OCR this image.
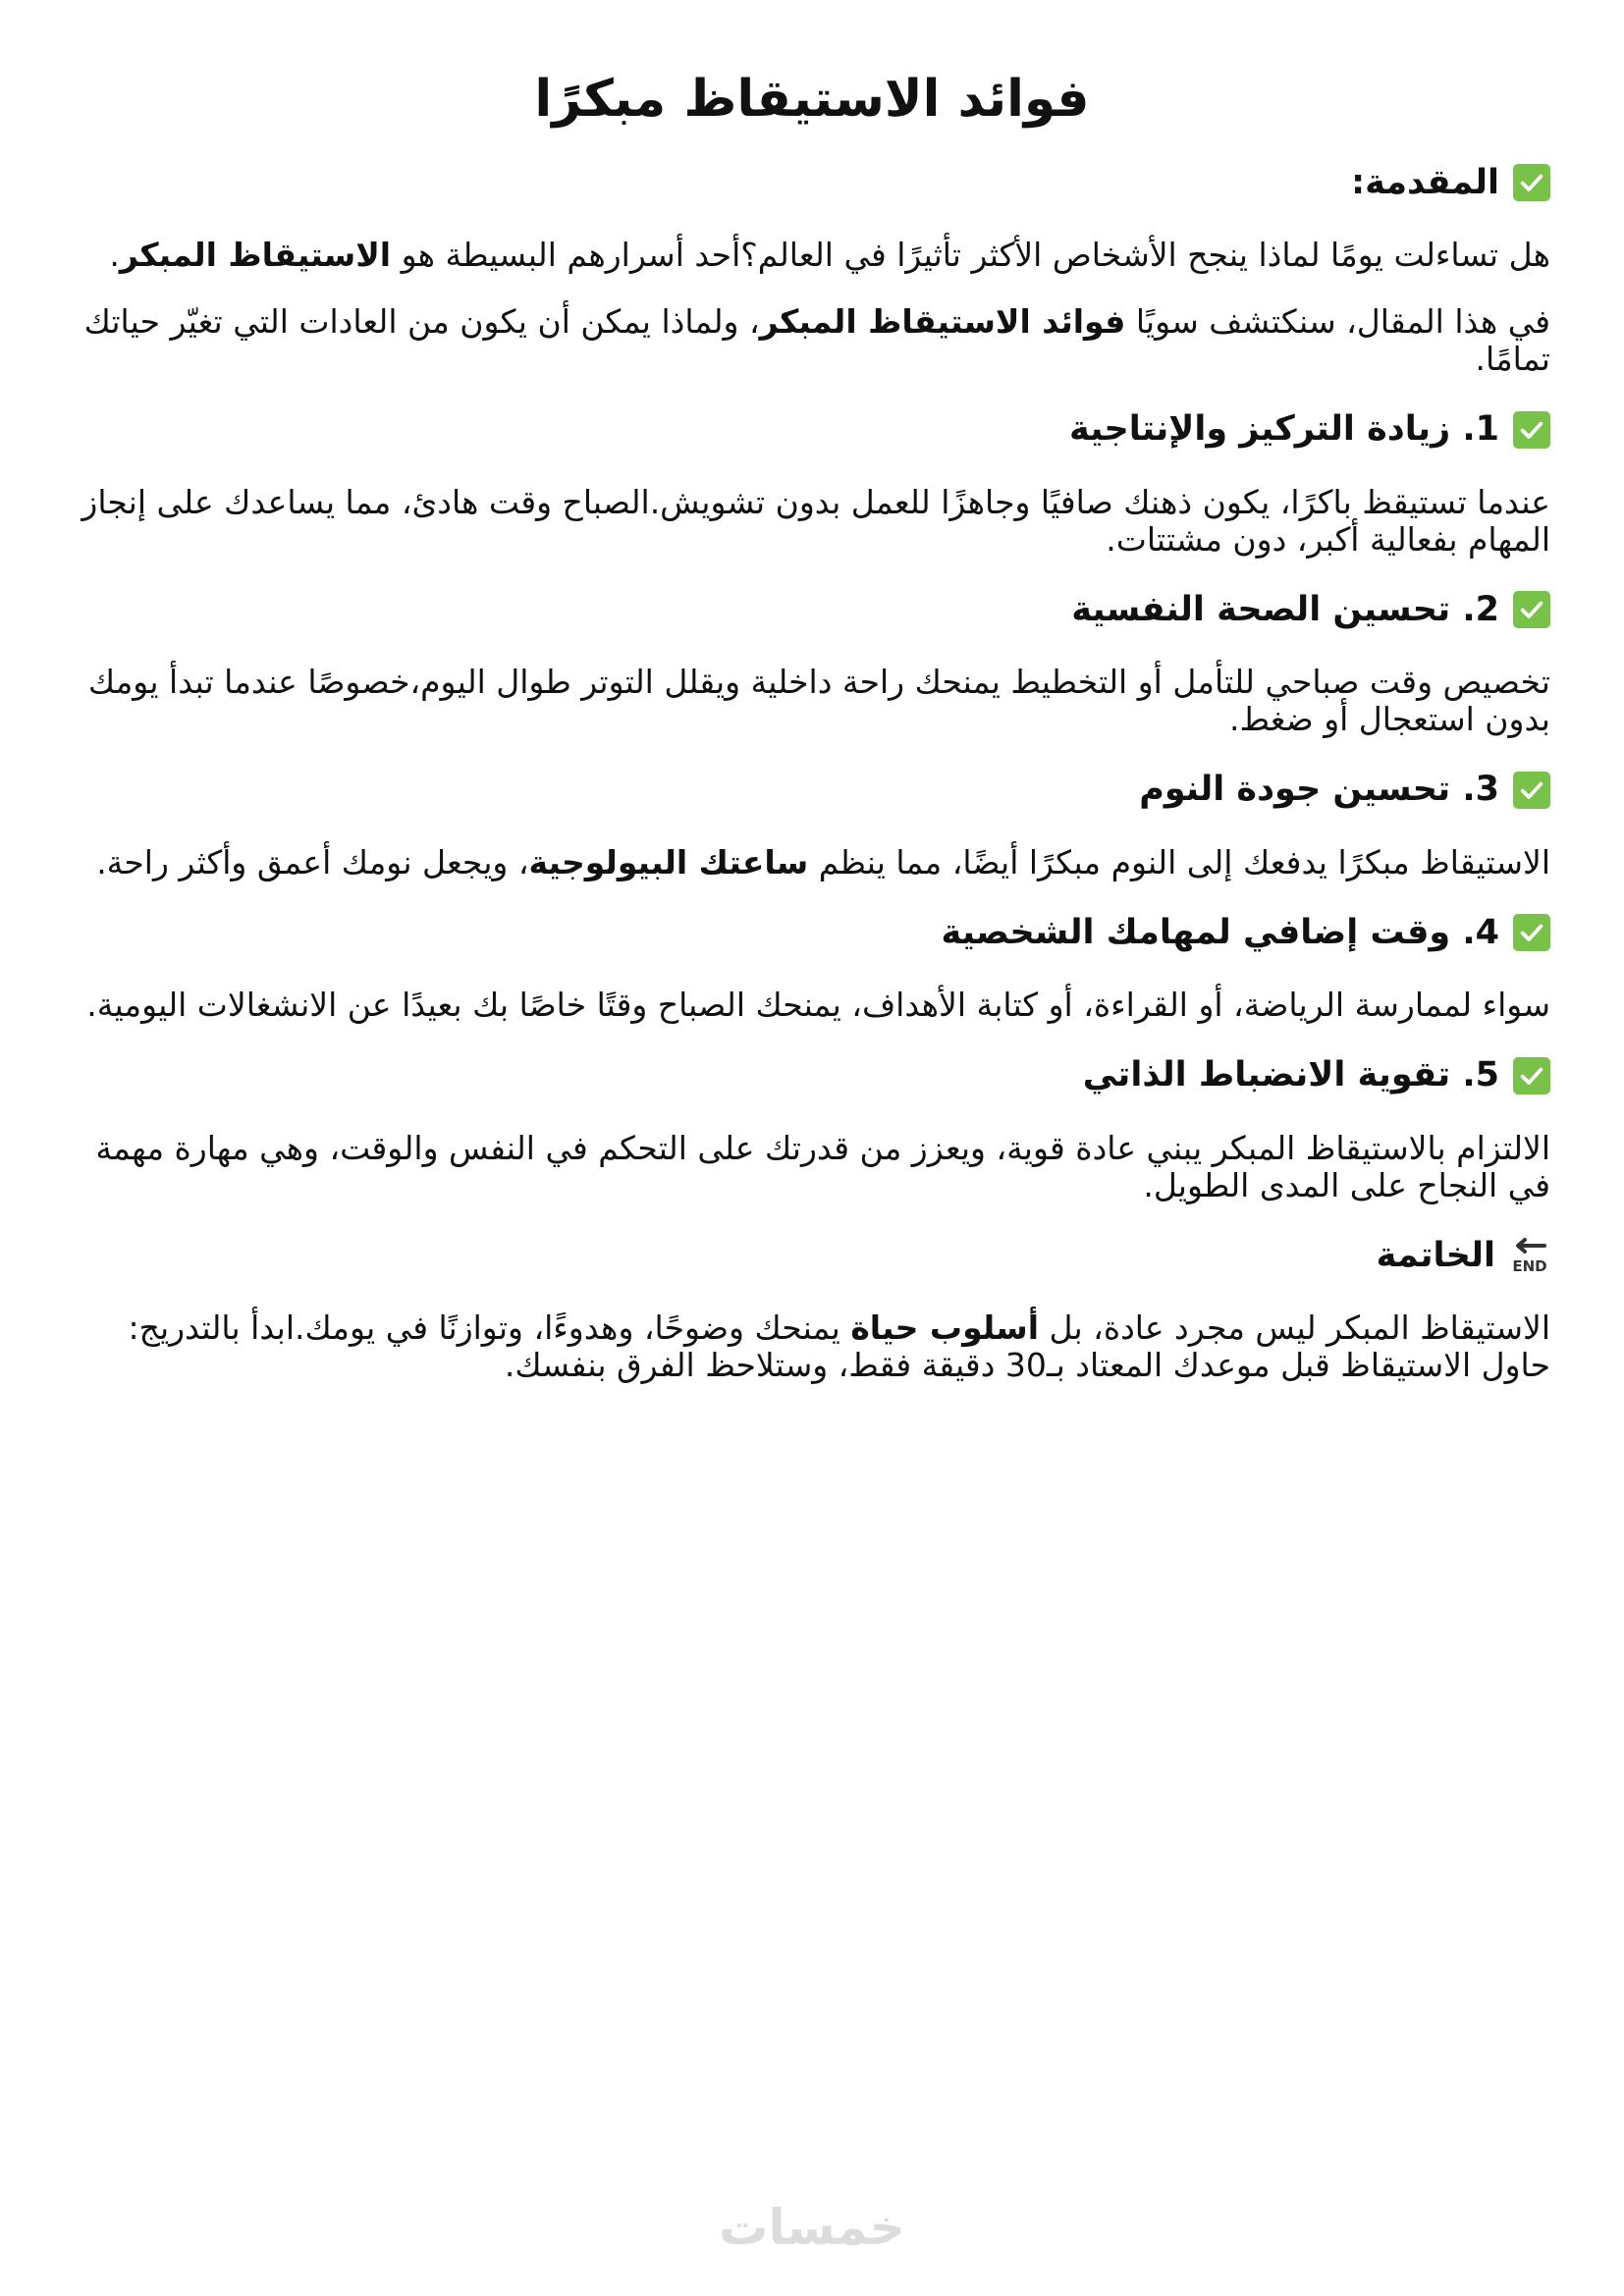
فوائد الاستيقاظ مبكرًا
المقدمة:

هل تساءلت يومًا لماذا ينجح الأشخاص الأكثر تأثيرًا في العالم؟أحد أسرارهم البسيطة هو الاستيقاظ المبكر.

في هذا المقال، سنكتشف سويًا فوائد الاستيقاظ المبكر، ولماذا يمكن أن يكون من العادات التي تغيّر حياتك تمامًا.

1. زيادة التركيز والإنتاجية

عندما تستيقظ باكرًا، يكون ذهنك صافيًا وجاهزًا للعمل بدون تشويش.الصباح وقت هادئ، مما يساعدك على إنجاز المهام بفعالية أكبر، دون مشتتات.

2. تحسين الصحة النفسية

تخصيص وقت صباحي للتأمل أو التخطيط يمنحك راحة داخلية ويقلل التوتر طوال اليوم،خصوصًا عندما تبدأ يومك بدون استعجال أو ضغط.

3. تحسين جودة النوم

الاستيقاظ مبكرًا يدفعك إلى النوم مبكرًا أيضًا، مما ينظم ساعتك البيولوجية، ويجعل نومك أعمق وأكثر راحة.

4. وقت إضافي لمهامك الشخصية

سواء لممارسة الرياضة، أو القراءة، أو كتابة الأهداف، يمنحك الصباح وقتًا خاصًا بك بعيدًا عن الانشغالات اليومية.

5. تقوية الانضباط الذاتي

الالتزام بالاستيقاظ المبكر يبني عادة قوية، ويعزز من قدرتك على التحكم في النفس والوقت، وهي مهارة مهمة في النجاح على المدى الطويل.

END
الخاتمة

الاستيقاظ المبكر ليس مجرد عادة، بل أسلوب حياة يمنحك وضوحًا، وهدوءًا، وتوازنًا في يومك.ابدأ بالتدريج: حاول الاستيقاظ قبل موعدك المعتاد بـ30 دقيقة فقط، وستلاحظ الفرق بنفسك.

خمسات
